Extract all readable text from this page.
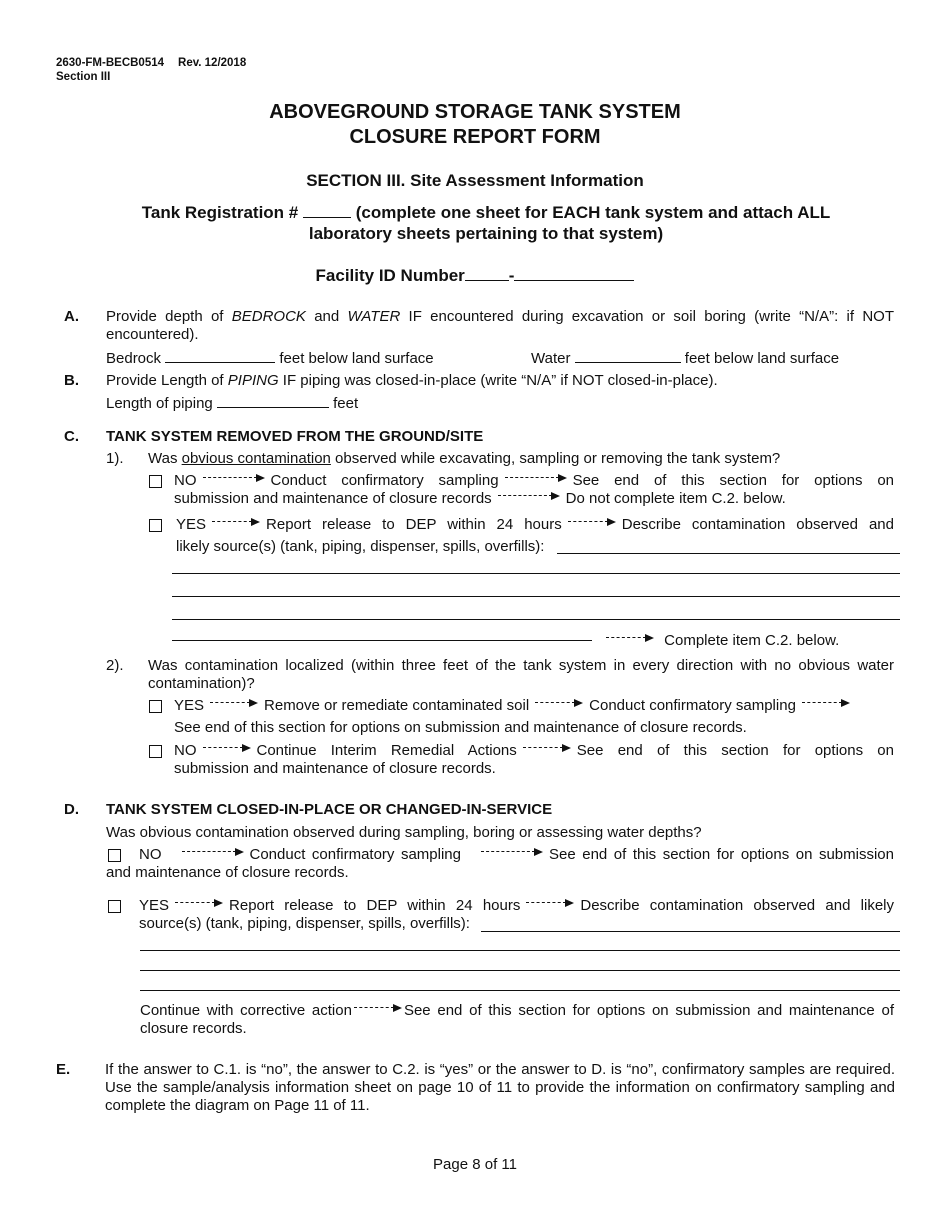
2630-FM-BECB0514 Rev. 12/2018
Section III
ABOVEGROUND STORAGE TANK SYSTEM
CLOSURE REPORT FORM
SECTION III. Site Assessment Information
Tank Registration #	(complete one sheet for EACH tank system and attach ALL
laboratory sheets pertaining to that system)
Facility ID Number	-
A. Provide depth of BEDROCK and WATER IF encountered during excavation or soil boring (write “N/A”: if NOT encountered).
Bedrock	feet below land surface	Water	feet below land surface
B. Provide Length of PIPING IF piping was closed-in-place (write “N/A” if NOT closed-in-place).
Length of piping	feet
C. TANK SYSTEM REMOVED FROM THE GROUND/SITE
1). Was obvious contamination observed while excavating, sampling or removing the tank system?
NO	Conduct confirmatory sampling	See end of this section for options on
submission and maintenance of closure records	Do not complete item C.2. below.
YES	Report release to DEP within 24 hours	Describe contamination observed and
likely source(s) (tank, piping, dispenser, spills, overfills):
Complete item C.2. below.
2). Was contamination localized (within three feet of the tank system in every direction with no obvious water contamination)?
YES	Remove or remediate contaminated soil	Conduct confirmatory sampling
See end of this section for options on submission and maintenance of closure records.
NO	Continue Interim Remedial Actions	See end of this section for options on
submission and maintenance of closure records.
D. TANK SYSTEM CLOSED-IN-PLACE OR CHANGED-IN-SERVICE
Was obvious contamination observed during sampling, boring or assessing water depths?
NO	Conduct confirmatory sampling	See end of this section for options on submission
and maintenance of closure records.
YES	Report release to DEP within 24 hours	Describe contamination observed and likely
source(s) (tank, piping, dispenser, spills, overfills):
Continue with corrective action	See end of this section for options on submission and maintenance of
closure records.
E. If the answer to C.1. is “no”, the answer to C.2. is “yes” or the answer to D. is “no”, confirmatory samples are required. Use the sample/analysis information sheet on page 10 of 11 to provide the information on confirmatory sampling and complete the diagram on Page 11 of 11.
Page 8 of 11
